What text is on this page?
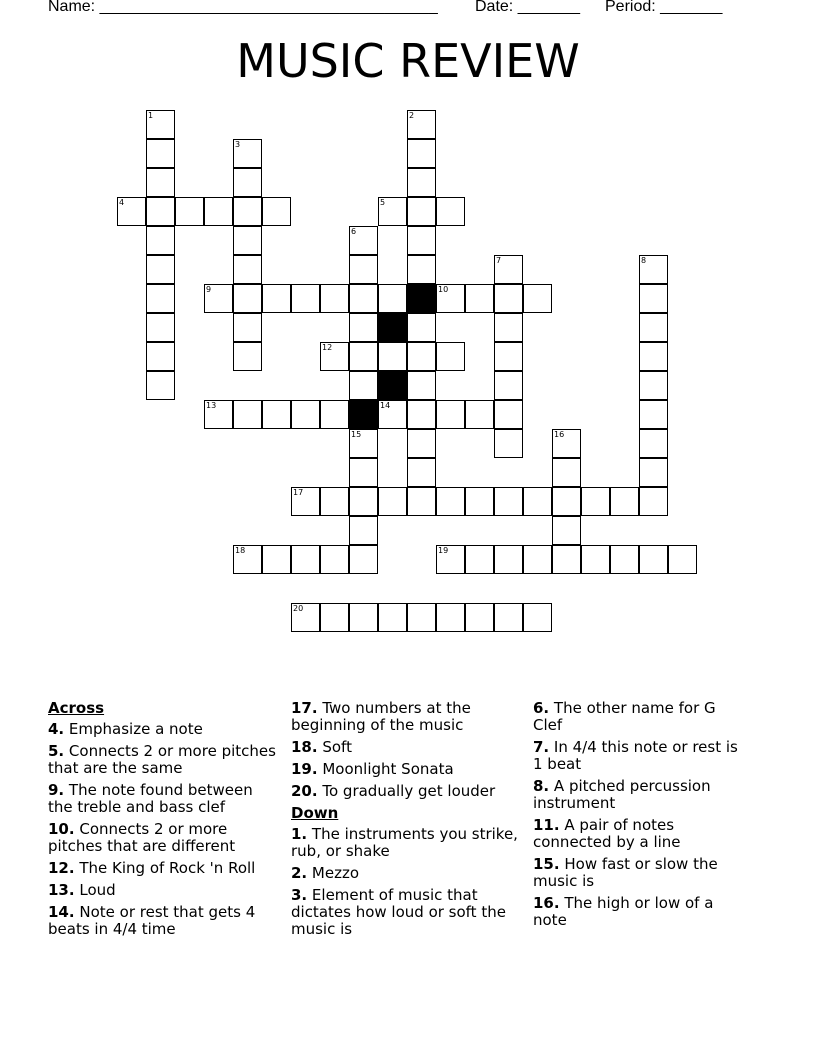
Name: ______________________________________ Date: _______ Period: _______
MUSIC REVIEW
4	5
9	10
12
13	14
17
18	19
20
1	2
3
6
7	8
11
15	16
Across
4. Emphasize a note
5. Connects 2 or more pitches that are the same
9. The note found between the treble and bass clef
10. Connects 2 or more pitches that are different
12. The King of Rock 'n Roll
13. Loud
14. Note or rest that gets 4 beats in 4/4 time
17. Two numbers at the beginning of the music
18. Soft
19. Moonlight Sonata
20. To gradually get louder
Down
1. The instruments you strike, rub, or shake
2. Mezzo
3. Element of music that dictates how loud or soft the music is
6. The other name for G Clef
7. In 4/4 this note or rest is 1 beat
8. A pitched percussion instrument
11. A pair of notes connected by a line
15. How fast or slow the music is
16. The high or low of a note
